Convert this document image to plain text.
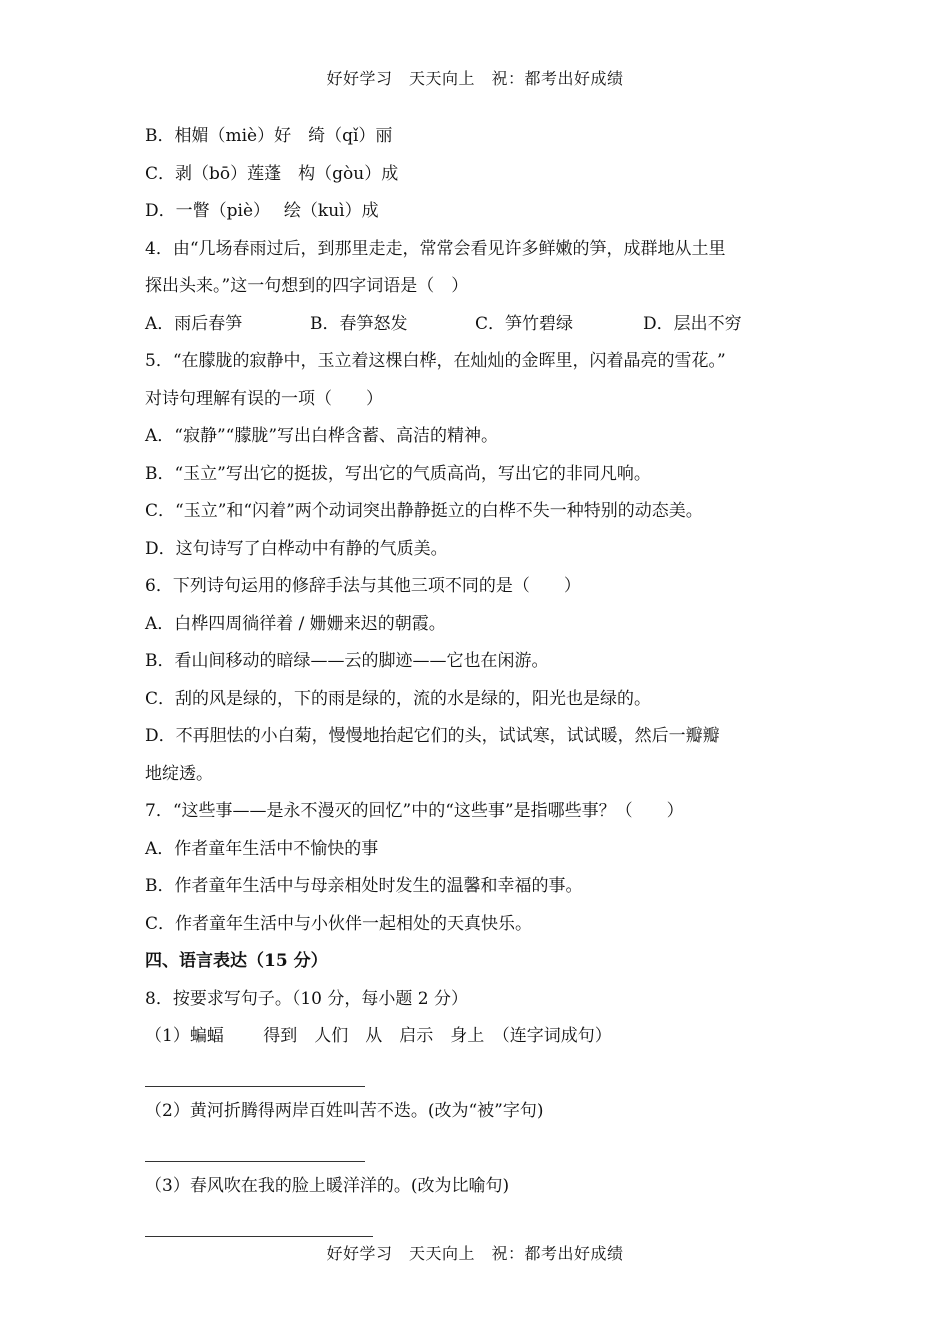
好好学习　天天向上　祝：都考出好成绩
B．相媚（miè）好　绮（qǐ）丽
C．剥（bō）莲蓬　构（gòu）成
D．一瞥（piè）　 绘（kuì）成
4．由“几场春雨过后，到那里走走，常常会看见许多鲜嫩的笋，成群地从土里
探出头来。”这一句想到的四字词语是（　）
A．雨后春笋	B．春笋怒发	C．笋竹碧绿	D．层出不穷
5．“在朦胧的寂静中，玉立着这棵白桦，在灿灿的金晖里，闪着晶亮的雪花。”
对诗句理解有误的一项（　　）
A．“寂静”“朦胧”写出白桦含蓄、高洁的精神。
B．“玉立”写出它的挺拔，写出它的气质高尚，写出它的非同凡响。
C．“玉立”和“闪着”两个动词突出静静挺立的白桦不失一种特别的动态美。
D．这句诗写了白桦动中有静的气质美。
6．下列诗句运用的修辞手法与其他三项不同的是（　　）
A．白桦四周徜徉着 / 姗姗来迟的朝霞。
B．看山间移动的暗绿——云的脚迹——它也在闲游。
C．刮的风是绿的，下的雨是绿的，流的水是绿的，阳光也是绿的。
D．不再胆怯的小白菊，慢慢地抬起它们的头，试试寒，试试暖，然后一瓣瓣
地绽透。
7．“这些事——是永不漫灭的回忆”中的“这些事”是指哪些事？（　　）
A．作者童年生活中不愉快的事
B．作者童年生活中与母亲相处时发生的温馨和幸福的事。
C．作者童年生活中与小伙伴一起相处的天真快乐。
四、语言表达（15 分）
8．按要求写句子。（10 分，每小题 2 分）
（1）蝙蝠　　 得到　人们　从　启示　身上　（连字词成句）
（2）黄河折腾得两岸百姓叫苦不迭。(改为“被”字句)
（3）春风吹在我的脸上暖洋洋的。(改为比喻句)
好好学习　天天向上　祝：都考出好成绩
